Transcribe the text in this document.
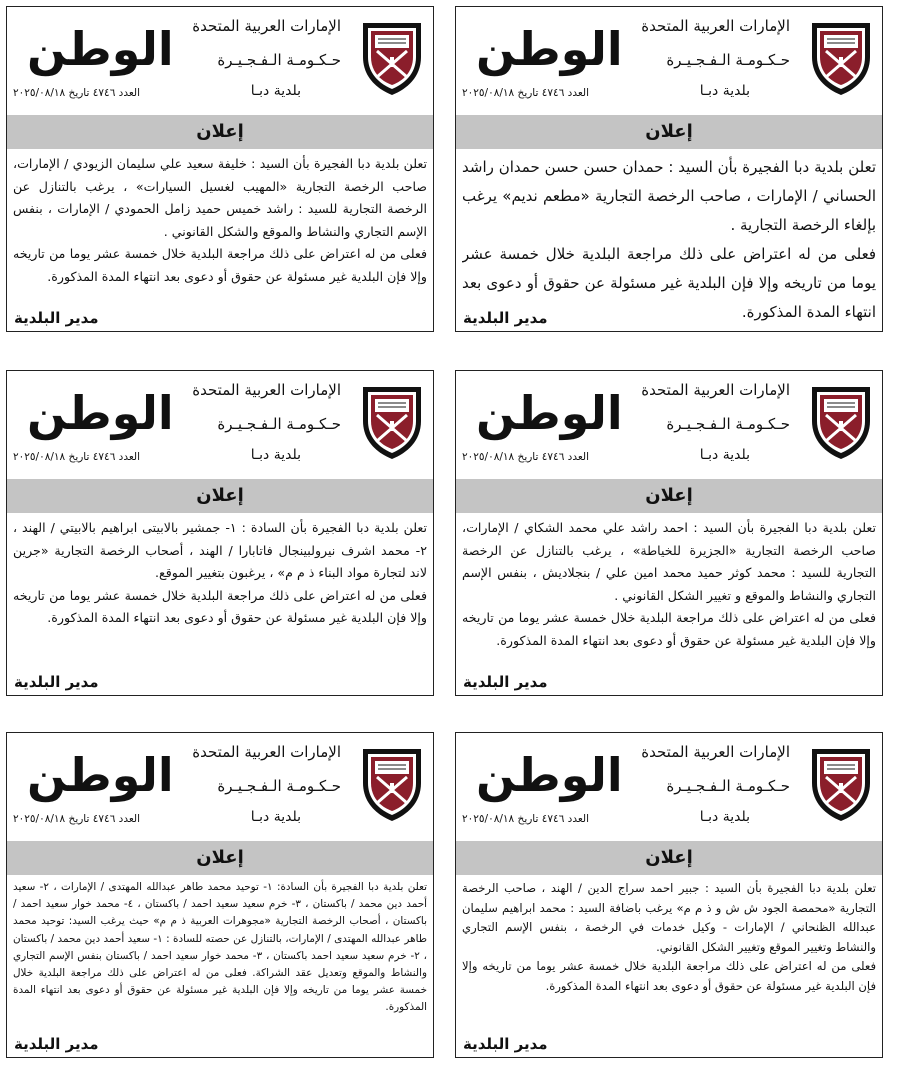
الإمارات العربية المتحدة
حـكـومـة الـفـجـيـرة
بلدية دبـا
الوطن
العدد ٤٧٤٦ تاريخ ٢٠٢٥/٠٨/١٨
إعلان

تعلن بلدية دبا الفجيرة بأن السيد : حمدان حسن حسن حمدان راشد الحساني / الإمارات ، صاحب الرخصة التجارية «مطعم نديم» يرغب بإلغاء الرخصة التجارية .

فعلى من له اعتراض على ذلك مراجعة البلدية خلال خمسة عشر يوما من تاريخه وإلا فإن البلدية غير مسئولة عن حقوق أو دعوى بعد انتهاء المدة المذكورة.

مدير البلدية
الإمارات العربية المتحدة
حـكـومـة الـفـجـيـرة
بلدية دبـا
الوطن
العدد ٤٧٤٦ تاريخ ٢٠٢٥/٠٨/١٨
إعلان

تعلن بلدية دبا الفجيرة بأن السيد : خليفة سعيد علي سليمان الزيودي / الإمارات، صاحب الرخصة التجارية «المهيب لغسيل السيارات» ، يرغب بالتنازل عن الرخصة التجارية للسيد : راشد خميس حميد زامل الحمودي / الإمارات ، بنفس الإسم التجاري والنشاط والموقع والشكل القانوني .

فعلى من له اعتراض على ذلك مراجعة البلدية خلال خمسة عشر يوما من تاريخه وإلا فإن البلدية غير مسئولة عن حقوق أو دعوى بعد انتهاء المدة المذكورة.

مدير البلدية
الإمارات العربية المتحدة
حـكـومـة الـفـجـيـرة
بلدية دبـا
الوطن
العدد ٤٧٤٦ تاريخ ٢٠٢٥/٠٨/١٨
إعلان

تعلن بلدية دبا الفجيرة بأن السيد : احمد راشد علي محمد الشكاي / الإمارات، صاحب الرخصة التجارية «الجزيرة للخياطة» ، يرغب بالتنازل عن الرخصة التجارية للسيد : محمد كوثر حميد محمد امين علي / بنجلاديش ، بنفس الإسم التجاري والنشاط والموقع و تغيير الشكل القانوني .

فعلى من له اعتراض على ذلك مراجعة البلدية خلال خمسة عشر يوما من تاريخه وإلا فإن البلدية غير مسئولة عن حقوق أو دعوى بعد انتهاء المدة المذكورة.

مدير البلدية
الإمارات العربية المتحدة
حـكـومـة الـفـجـيـرة
بلدية دبـا
الوطن
العدد ٤٧٤٦ تاريخ ٢٠٢٥/٠٨/١٨
إعلان

تعلن بلدية دبا الفجيرة بأن السادة : ١- جمشير بالابيتى ابراهيم بالابيتي / الهند ، ٢- محمد اشرف نيرولبينجال فاتابارا / الهند ، أصحاب الرخصة التجارية «جرين لاند لتجارة مواد البناء ذ م م» ، يرغبون بتغيير الموقع.

فعلى من له اعتراض على ذلك مراجعة البلدية خلال خمسة عشر يوما من تاريخه وإلا فإن البلدية غير مسئولة عن حقوق أو دعوى بعد انتهاء المدة المذكورة.

مدير البلدية
الإمارات العربية المتحدة
حـكـومـة الـفـجـيـرة
بلدية دبـا
الوطن
العدد ٤٧٤٦ تاريخ ٢٠٢٥/٠٨/١٨
إعلان

تعلن بلدية دبا الفجيرة بأن السيد : جبير احمد سراج الدين / الهند ، صاحب الرخصة التجارية «محمصة الجود ش ش و ذ م م» يرغب باضافة السيد : محمد ابراهيم سليمان عبدالله الظنحاني / الإمارات - وكيل خدمات في الرخصة ، بنفس الإسم التجاري والنشاط وتغيير الموقع وتغيير الشكل القانوني.

فعلى من له اعتراض على ذلك مراجعة البلدية خلال خمسة عشر يوما من تاريخه وإلا فإن البلدية غير مسئولة عن حقوق أو دعوى بعد انتهاء المدة المذكورة.

مدير البلدية
الإمارات العربية المتحدة
حـكـومـة الـفـجـيـرة
بلدية دبـا
الوطن
العدد ٤٧٤٦ تاريخ ٢٠٢٥/٠٨/١٨
إعلان

تعلن بلدية دبا الفجيرة بأن السادة: ١- توحيد محمد طاهر عبدالله المهتدى / الإمارات ، ٢- سعيد أحمد دين محمد / باكستان ، ٣- خرم سعيد سعيد احمد / باكستان ، ٤- محمد خوار سعيد احمد / باكستان ، أصحاب الرخصة التجارية «مجوهرات العربية ذ م م» حيث يرغب السيد: توحيد محمد طاهر عبدالله المهتدى / الإمارات، بالتنازل عن حصته للسادة : ١- سعيد أحمد دين محمد / باكستان ، ٢- خرم سعيد سعيد احمد باكستان ، ٣- محمد خوار سعيد احمد / باكستان بنفس الإسم التجاري والنشاط والموقع وتعديل عقد الشراكة. فعلى من له اعتراض على ذلك مراجعة البلدية خلال خمسة عشر يوما من تاريخه وإلا فإن البلدية غير مسئولة عن حقوق أو دعوى بعد انتهاء المدة المذكورة.

مدير البلدية
